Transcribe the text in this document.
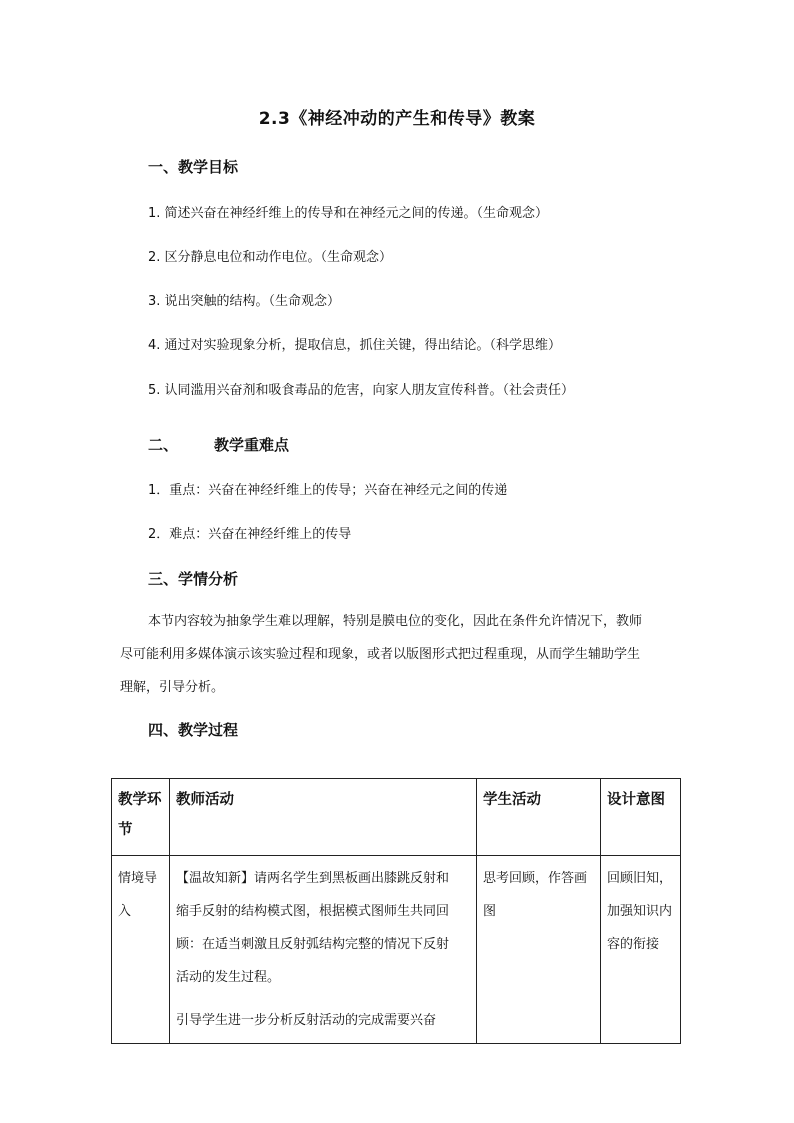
2.3《神经冲动的产生和传导》教案
一、教学目标
1. 简述兴奋在神经纤维上的传导和在神经元之间的传递。（生命观念）
2. 区分静息电位和动作电位。（生命观念）
3. 说出突触的结构。（生命观念）
4. 通过对实验现象分析，提取信息，抓住关键，得出结论。（科学思维）
5. 认同滥用兴奋剂和吸食毒品的危害，向家人朋友宣传科普。（社会责任）
二、 教学重难点
1．重点：兴奋在神经纤维上的传导；兴奋在神经元之间的传递
2．难点：兴奋在神经纤维上的传导
三、学情分析
本节内容较为抽象学生难以理解，特别是膜电位的变化，因此在条件允许情况下，教师
尽可能利用多媒体演示该实验过程和现象，或者以版图形式把过程重现，从而学生辅助学生
理解，引导分析。
四、教学过程
教学环节	教师活动	学生活动	设计意图
情境导入	【温故知新】请两名学生到黑板画出膝跳反射和
缩手反射的结构模式图，根据模式图师生共同回
顾：在适当刺激且反射弧结构完整的情况下反射
活动的发生过程。
引导学生进一步分析反射活动的完成需要兴奋	思考回顾，作答画图	回顾旧知，加强知识内容的衔接
